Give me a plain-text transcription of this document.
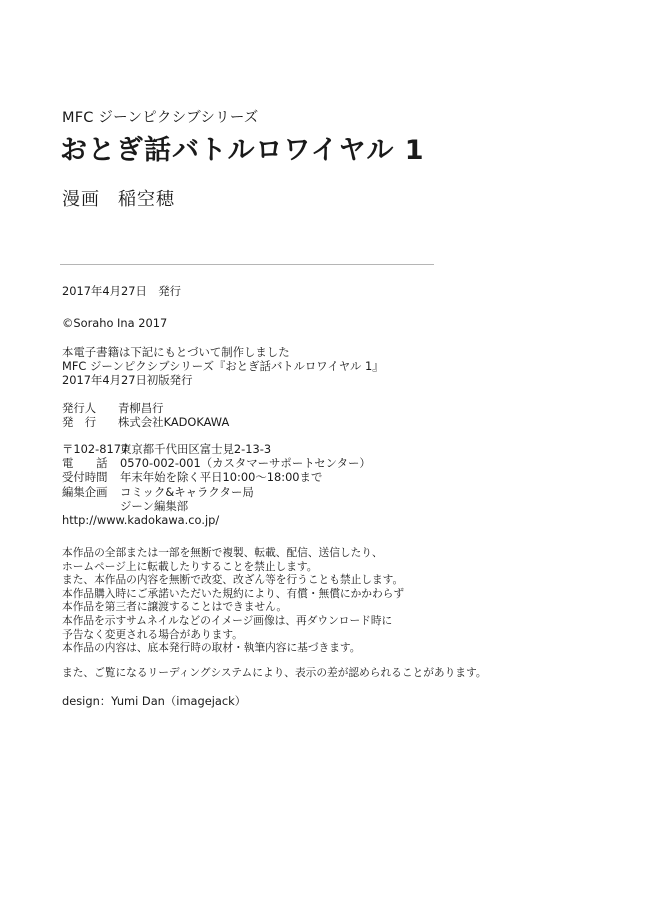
MFC ジーンピクシブシリーズ
おとぎ話バトルロワイヤル 1
漫画 稲空穂
2017年4月27日　発行
©Soraho Ina 2017
本電子書籍は下記にもとづいて制作しました
MFC ジーンピクシブシリーズ『おとぎ話バトルロワイヤル 1』
2017年4月27日初版発行
発行人	青柳昌行
発　行	株式会社KADOKAWA
〒102-8177
東京都千代田区富士見2-13-3
電　　話	0570-002-001（カスタマーサポートセンター）
受付時間	年末年始を除く平日10:00～18:00まで
編集企画	コミック&キャラクター局
ジーン編集部
http://www.kadokawa.co.jp/
本作品の全部または一部を無断で複製、転載、配信、送信したり、
ホームページ上に転載したりすることを禁止します。
また、本作品の内容を無断で改変、改ざん等を行うことも禁止します。
本作品購入時にご承諾いただいた規約により、有償・無償にかかわらず
本作品を第三者に譲渡することはできません。
本作品を示すサムネイルなどのイメージ画像は、再ダウンロード時に
予告なく変更される場合があります。
本作品の内容は、底本発行時の取材・執筆内容に基づきます。
また、ご覧になるリーディングシステムにより、表示の差が認められることがあります。
design：Yumi Dan（imagejack）
